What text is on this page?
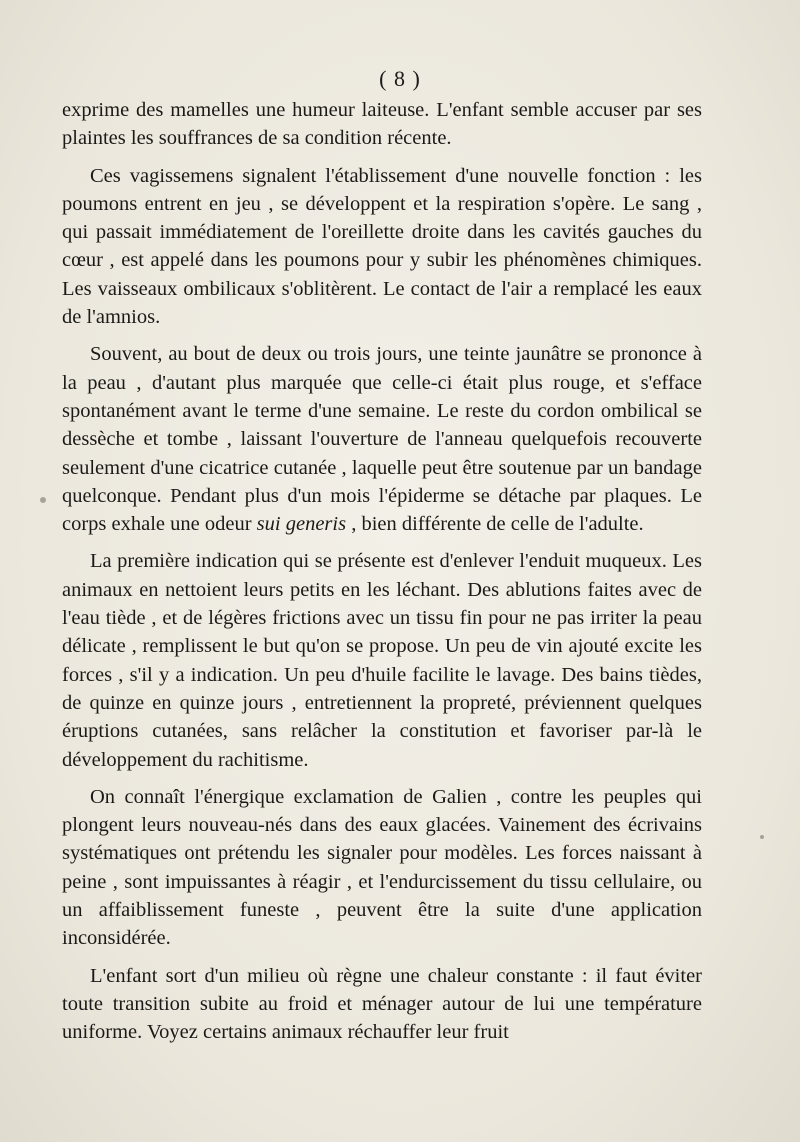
( 8 )

exprime des mamelles une humeur laiteuse. L'enfant semble accuser par ses plaintes les souffrances de sa condition récente.

Ces vagissemens signalent l'établissement d'une nouvelle fonction : les poumons entrent en jeu , se développent et la respiration s'opère. Le sang , qui passait immédiatement de l'oreillette droite dans les cavités gauches du cœur , est appelé dans les poumons pour y subir les phénomènes chimiques. Les vaisseaux ombilicaux s'oblitèrent. Le contact de l'air a remplacé les eaux de l'amnios.

Souvent, au bout de deux ou trois jours, une teinte jaunâtre se prononce à la peau , d'autant plus marquée que celle-ci était plus rouge, et s'efface spontanément avant le terme d'une semaine. Le reste du cordon ombilical se dessèche et tombe , laissant l'ouverture de l'anneau quelquefois recouverte seulement d'une cicatrice cutanée , laquelle peut être soutenue par un bandage quelconque. Pendant plus d'un mois l'épiderme se détache par plaques. Le corps exhale une odeur sui generis , bien différente de celle de l'adulte.

La première indication qui se présente est d'enlever l'enduit muqueux. Les animaux en nettoient leurs petits en les léchant. Des ablutions faites avec de l'eau tiède , et de légères frictions avec un tissu fin pour ne pas irriter la peau délicate , remplissent le but qu'on se propose. Un peu de vin ajouté excite les forces , s'il y a indication. Un peu d'huile facilite le lavage. Des bains tièdes, de quinze en quinze jours , entretiennent la propreté, préviennent quelques éruptions cutanées, sans relâcher la constitution et favoriser par-là le développement du rachitisme.

On connaît l'énergique exclamation de Galien , contre les peuples qui plongent leurs nouveau-nés dans des eaux glacées. Vainement des écrivains systématiques ont prétendu les signaler pour modèles. Les forces naissant à peine , sont impuissantes à réagir , et l'endurcissement du tissu cellulaire, ou un affaiblissement funeste , peuvent être la suite d'une application inconsidérée.

L'enfant sort d'un milieu où règne une chaleur constante : il faut éviter toute transition subite au froid et ménager autour de lui une température uniforme. Voyez certains animaux réchauffer leur fruit
